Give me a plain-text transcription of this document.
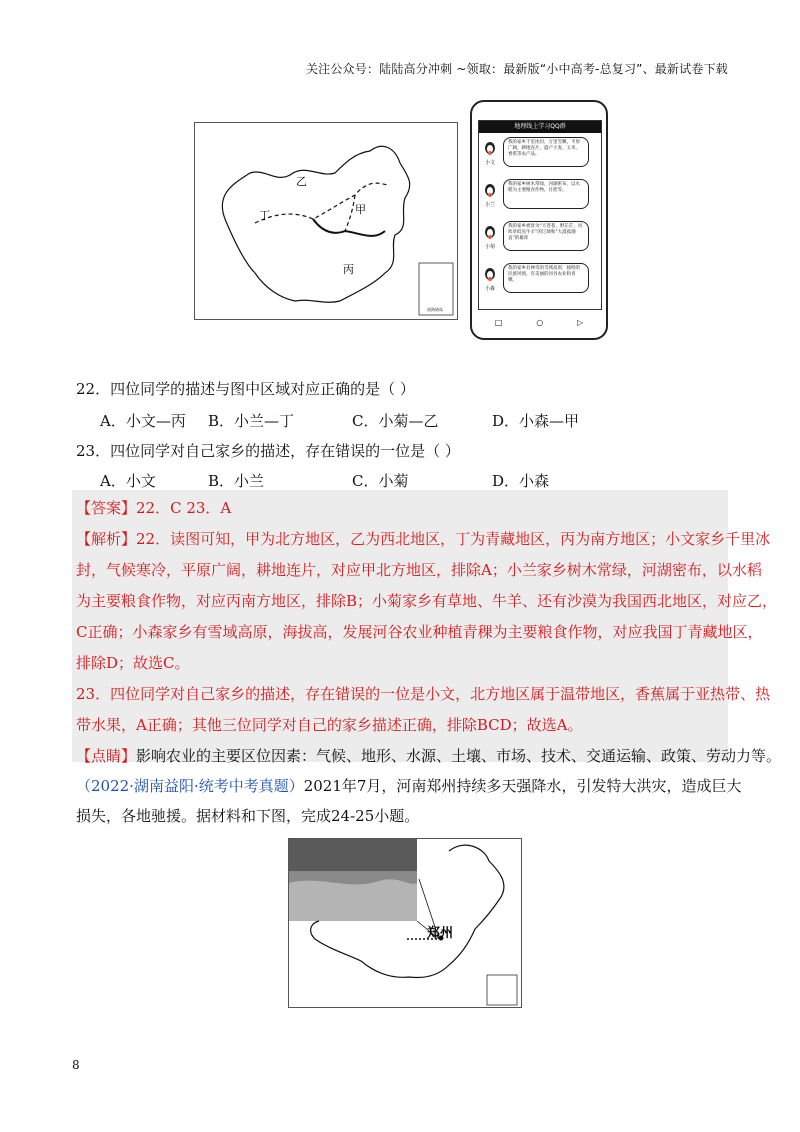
关注公众号：陆陆高分冲刺 ~领取：最新版“小中高考-总复习”、最新试卷下载
乙
甲
丁
丙
南海诸岛
地理线上学习QQ群
小文
我的家乡千里冰封，万里雪飘，平原广阔，耕地连片，盛产小麦、玉米、香蕉等农产品。
小兰
我的家乡树木常绿，河湖密布，以水稻为主要粮食作物，甘蔗等。
小菊
我的家乡被誉为“天苍苍，野茫茫，风吹草低见牛羊”的辽阔和“大漠孤烟直”的雄浑
小森
我的家乡有神奇的雪域高原，独特的民族风情，有美丽的河谷农业和青稞。
□	○	▷
22．四位同学的描述与图中区域对应正确的是（ ）
A．小文—丙 B．小兰—丁	C．小菊—乙	D．小森—甲
23．四位同学对自己家乡的描述，存在错误的一位是（ ）
A．小文	B．小兰	C．小菊	D．小森
【答案】22．C 23．A
【解析】22．读图可知，甲为北方地区，乙为西北地区，丁为青藏地区，丙为南方地区；小文家乡千里冰
封，气候寒冷，平原广阔，耕地连片，对应甲北方地区，排除A；小兰家乡树木常绿，河湖密布，以水稻
为主要粮食作物，对应丙南方地区，排除B；小菊家乡有草地、牛羊、还有沙漠为我国西北地区，对应乙，
C正确；小森家乡有雪域高原，海拔高，发展河谷农业种植青稞为主要粮食作物，对应我国丁青藏地区，
排除D；故选C。
23．四位同学对自己家乡的描述，存在错误的一位是小文，北方地区属于温带地区，香蕉属于亚热带、热
带水果，A正确；其他三位同学对自己的家乡描述正确，排除BCD；故选A。
【点睛】影响农业的主要区位因素：气候、地形、水源、土壤、市场、技术、交通运输、政策、劳动力等。
（2022·湖南益阳·统考中考真题）2021年7月，河南郑州持续多天强降水，引发特大洪灾，造成巨大
损失，各地驰援。据材料和下图，完成24-25小题。
郑州
8
